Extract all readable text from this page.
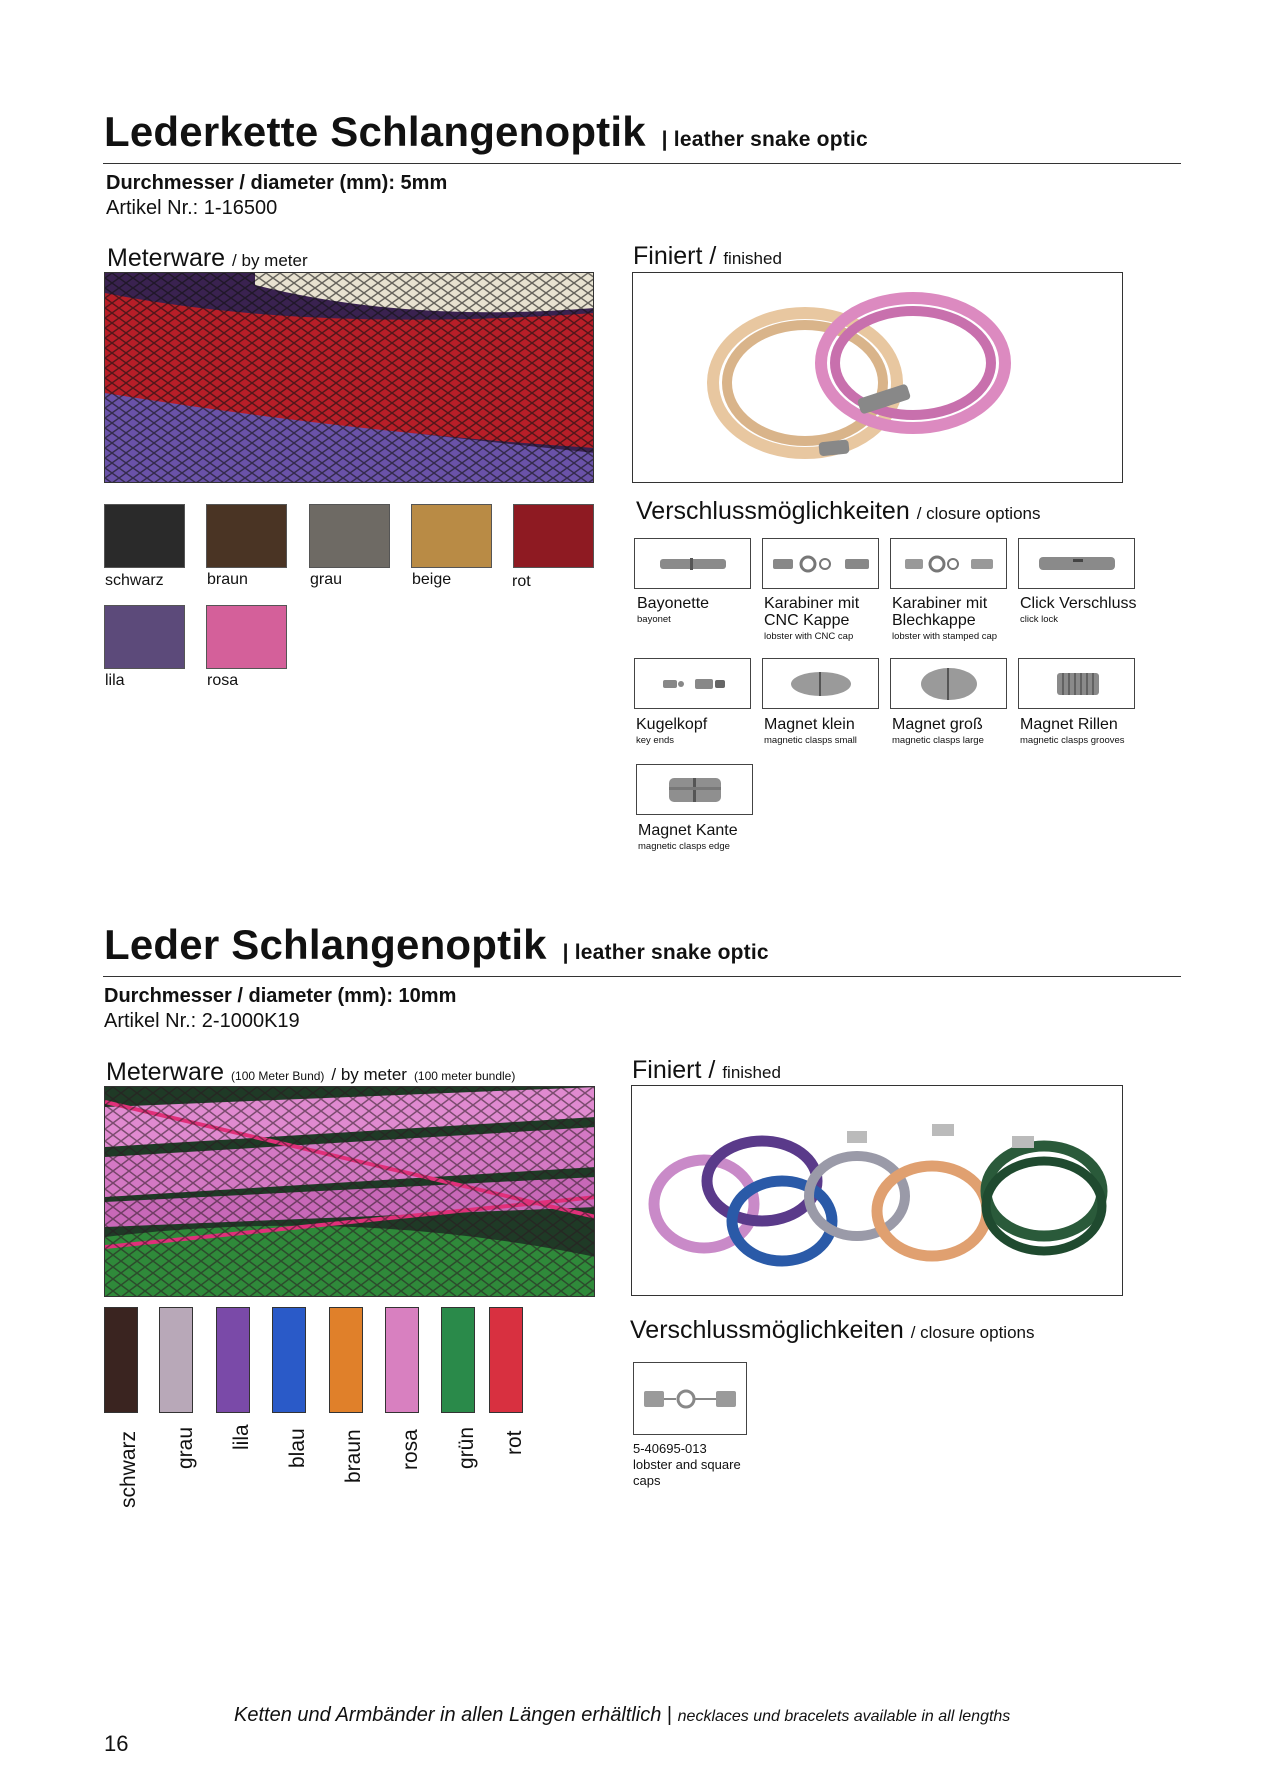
Lederkette Schlangenoptik | leather snake optic
Durchmesser / diameter (mm): 5mm
Artikel Nr.: 1-16500
Meterware / by meter
schwarz	braun	grau	beige	rot
lila	rosa
Finiert / finished
Verschlussmöglichkeiten / closure options
Bayonette
bayonet
Karabiner mit CNC Kappe
lobster with CNC cap
Karabiner mit Blechkappe
lobster with stamped cap
Click Verschluss
click lock
Kugelkopf
key ends
Magnet klein
magnetic clasps small
Magnet groß
magnetic clasps large
Magnet Rillen
magnetic clasps grooves
Magnet Kante
magnetic clasps edge
Leder Schlangenoptik | leather snake optic
Durchmesser / diameter (mm): 10mm
Artikel Nr.: 2-1000K19
Meterware (100 Meter Bund) / by meter (100 meter bundle)
schwarz grau lila blau braun rosa grün rot
Finiert / finished
Verschlussmöglichkeiten / closure options
5-40695-013
lobster and square caps
Ketten und Armbänder in allen Längen erhältlich | necklaces und bracelets available in all lengths
16
